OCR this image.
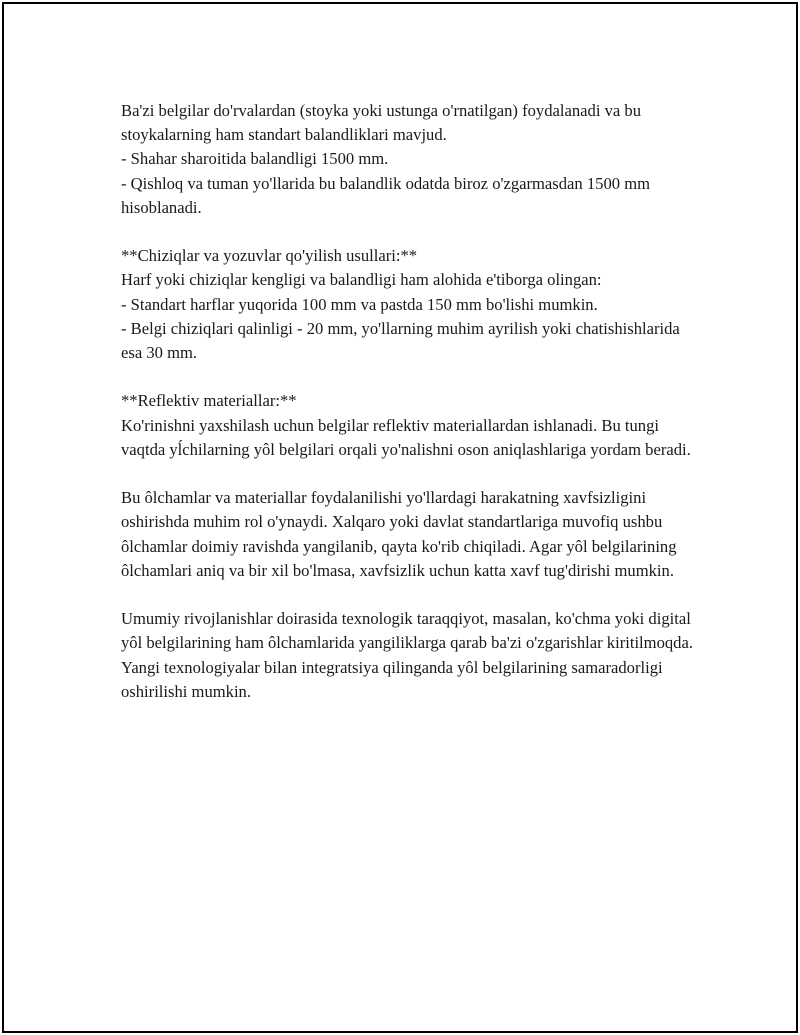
Ba'zi belgilar do'rvalardan (stoyka yoki ustunga o'rnatilgan) foydalanadi va bu stoykalarning ham standart balandliklari mavjud.
- Shahar sharoitida balandligi 1500 mm.
- Qishloq va tuman yo'llarida bu balandlik odatda biroz o'zgarmasdan 1500 mm hisoblanadi.

**Chiziqlar va yozuvlar qo'yilish usullari:**
Harf yoki chiziqlar kengligi va balandligi ham alohida e'tiborga olingan:
- Standart harflar yuqorida 100 mm va pastda 150 mm bo'lishi mumkin.
- Belgi chiziqlari qalinligi - 20 mm, yo'llarning muhim ayrilish yoki chatishishlarida esa 30 mm.

**Reflektiv materiallar:**
Ko'rinishni yaxshilash uchun belgilar reflektiv materiallardan ishlanadi. Bu tungi vaqtda yĺchilarning yôl belgilari orqali yo'nalishni oson aniqlashlariga yordam beradi.

Bu ôlchamlar va materiallar foydalanilishi yo'llardagi harakatning xavfsizligini oshirishda muhim rol o'ynaydi. Xalqaro yoki davlat standartlariga muvofiq ushbu ôlchamlar doimiy ravishda yangilanib, qayta ko'rib chiqiladi. Agar yôl belgilarining ôlchamlari aniq va bir xil bo'lmasa, xavfsizlik uchun katta xavf tug'dirishi mumkin.

Umumiy rivojlanishlar doirasida texnologik taraqqiyot, masalan, ko'chma yoki digital yôl belgilarining ham ôlchamlarida yangiliklarga qarab ba'zi o'zgarishlar kiritilmoqda. Yangi texnologiyalar bilan integratsiya qilinganda yôl belgilarining samaradorligi oshirilishi mumkin.
